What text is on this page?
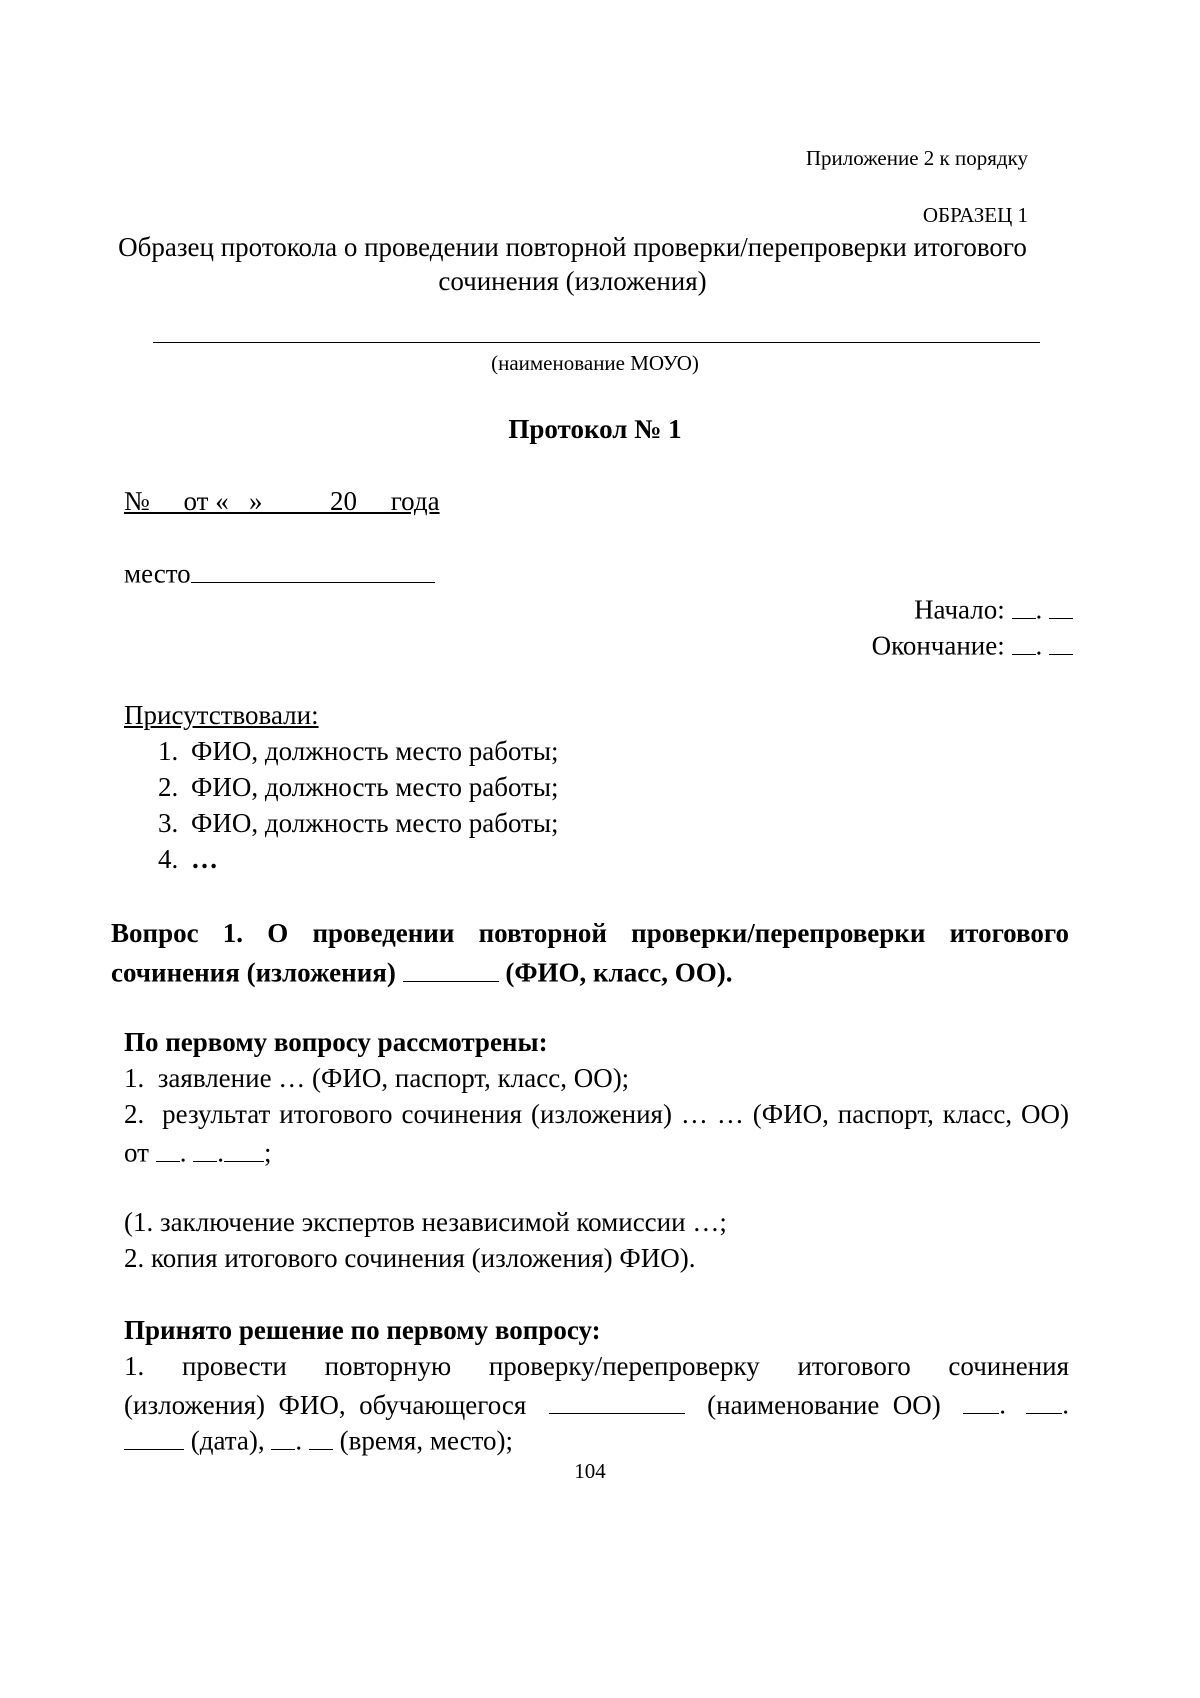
Приложение 2 к порядку
ОБРАЗЕЦ 1
Образец протокола о проведении повторной проверки/перепроверки итогового
сочинения (изложения)
(наименование МОУО)
Протокол № 1
№     от «   »          20     года
место
Начало: .
Окончание: .
Присутствовали:
1. ФИО, должность место работы;
2. ФИО, должность место работы;
3. ФИО, должность место работы;
4. …
Вопрос 1. О проведении повторной проверки/перепроверки итогового
сочинения (изложения)	(ФИО, класс, ОО).
По первому вопросу рассмотрены:
1.  заявление … (ФИО, паспорт, класс, ОО);
2.  результат итогового сочинения (изложения) … … (ФИО, паспорт, класс, ОО)
от . . ;
(1. заключение экспертов независимой комиссии …;
2. копия итогового сочинения (изложения) ФИО).
Принято решение по первому вопросу:
1.   провести   повторную   проверку/перепроверку   итогового   сочинения
(изложения)  ФИО,  обучающегося	(наименование  ОО)	.   .
(дата), .  (время, место);
104
